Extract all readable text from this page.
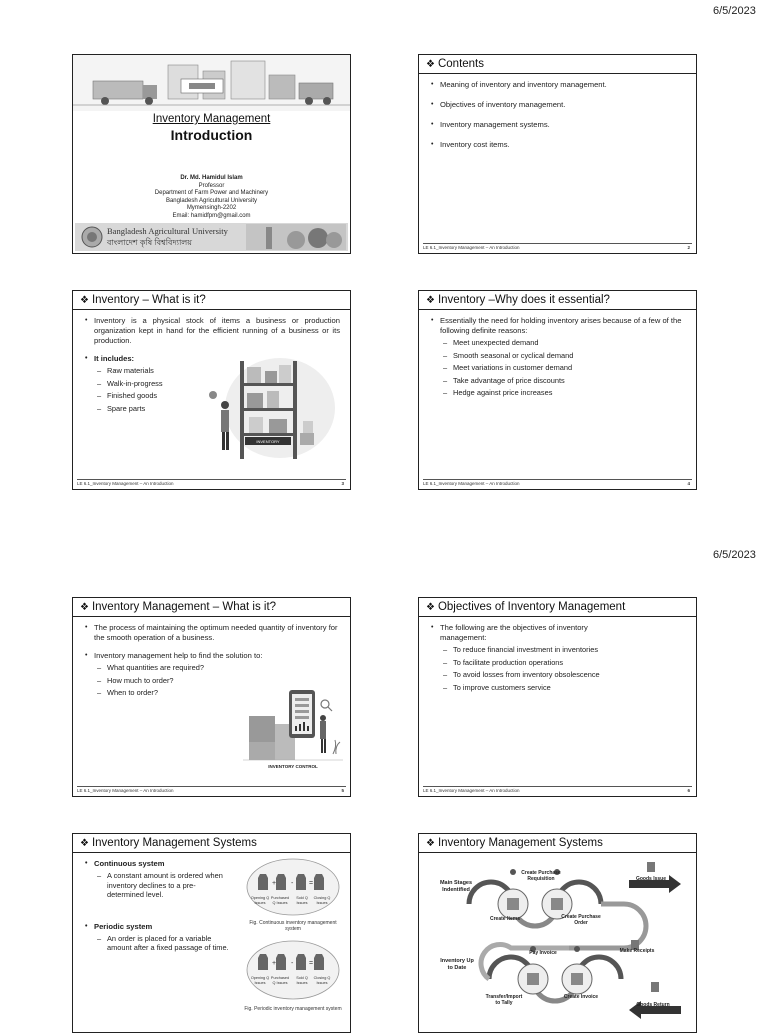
6/5/2023
6/5/2023
Inventory Management
Introduction
Dr. Md. Hamidul Islam
Professor
Department of Farm Power and Machinery
Bangladesh Agricultural University
Mymensingh-2202
Email: hamidfpm@gmail.com
Bangladesh Agricultural University
বাংলাদেশ কৃষি বিশ্ববিদ্যালয়
❖ Contents
• Meaning of inventory and inventory management.
• Objectives of inventory management.
• Inventory management systems.
• Inventory cost items.
LE 6.1_Inventory Management – An Introduction	2
❖ Inventory – What is it?
• Inventory is a physical stock of items a business or production organization kept in hand for the efficient running of a business or its production.
• It includes:
– Raw materials
– Walk-in-progress
– Finished goods
– Spare parts
INVENTORY
LE 6.1_Inventory Management – An Introduction	3
❖ Inventory –Why does it essential?
• Essentially the need for holding inventory arises because of a few of the following definite reasons:
– Meet unexpected demand
– Smooth seasonal or cyclical demand
– Meet variations in customer demand
– Take advantage of price discounts
– Hedge against price increases
LE 6.1_Inventory Management – An Introduction	4
❖ Inventory Management – What is it?
• The process of maintaining the optimum needed quantity of inventory for the smooth operation of a business.
• Inventory management help to find the solution to:
– What quantities are required?
– How much to order?
– When to order?
INVENTORY CONTROL
LE 6.1_Inventory Management – An Introduction	5
❖ Objectives of Inventory Management
• The following are the objectives of inventory management:
– To reduce financial investment in inventories
– To facilitate production operations
– To avoid losses from inventory obsolescence
– To improve customers service
LE 6.1_Inventory Management – An Introduction	6
❖ Inventory Management Systems
• Continuous system
– A constant amount is ordered when inventory declines to a pre-determined level.
• Periodic system
– An order is placed for a variable amount after a fixed passage of time.
+ - =
Opening Q Issues
Purchased Q Issues
Sold Q Issues
Closing Q Issues
Fig. Continuous inventory management system
+ - =
Opening Q Issues
Purchased Q Issues
Sold Q Issues
Closing Q Issues
Fig. Periodic inventory management system
❖ Inventory Management Systems
Main Stages Indentified
Create Purchase Requisition	Goods Issue
Create Items	Create Purchase Order
Make Receipts
Inventory Up to Date
Pay Invoice
Transfer/Import to Tally
Create Invoice
Goods Return
